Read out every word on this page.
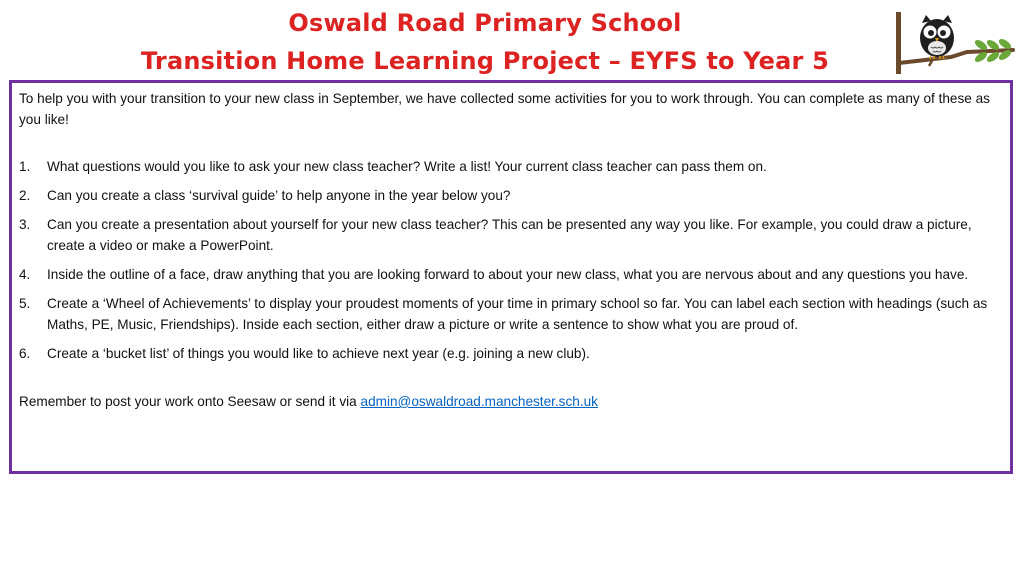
Oswald Road Primary School
Transition Home Learning Project – EYFS to Year 5

To help you with your transition to your new class in September, we have collected some activities for you to work through. You can complete as many of these as you like!

1. What questions would you like to ask your new class teacher? Write a list! Your current class teacher can pass them on.
2. Can you create a class ‘survival guide’ to help anyone in the year below you?
3. Can you create a presentation about yourself for your new class teacher? This can be presented any way you like. For example, you could draw a picture, create a video or make a PowerPoint.
4. Inside the outline of a face, draw anything that you are looking forward to about your new class, what you are nervous about and any questions you have.
5. Create a ‘Wheel of Achievements’ to display your proudest moments of your time in primary school so far. You can label each section with headings (such as Maths, PE, Music, Friendships). Inside each section, either draw a picture or write a sentence to show what you are proud of.
6. Create a ‘bucket list’ of things you would like to achieve next year (e.g. joining a new club).

Remember to post your work onto Seesaw or send it via admin@oswaldroad.manchester.sch.uk
